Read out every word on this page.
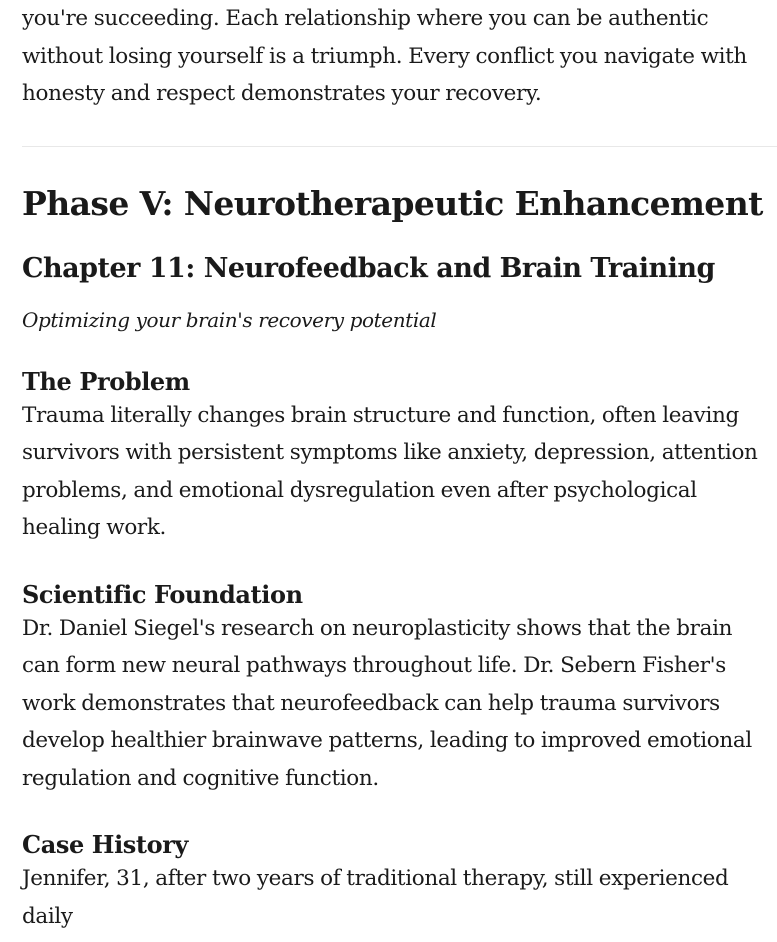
you're succeeding. Each relationship where you can be authentic without losing yourself is a triumph. Every conflict you navigate with honesty and respect demonstrates your recovery.

Phase V: Neurotherapeutic Enhancement
Chapter 11: Neurofeedback and Brain Training

Optimizing your brain's recovery potential

The Problem

Trauma literally changes brain structure and function, often leaving survivors with persistent symptoms like anxiety, depression, attention problems, and emotional dysregulation even after psychological healing work.

Scientific Foundation

Dr. Daniel Siegel's research on neuroplasticity shows that the brain can form new neural pathways throughout life. Dr. Sebern Fisher's work demonstrates that neurofeedback can help trauma survivors develop healthier brainwave patterns, leading to improved emotional regulation and cognitive function.

Case History

Jennifer, 31, after two years of traditional therapy, still experienced daily
